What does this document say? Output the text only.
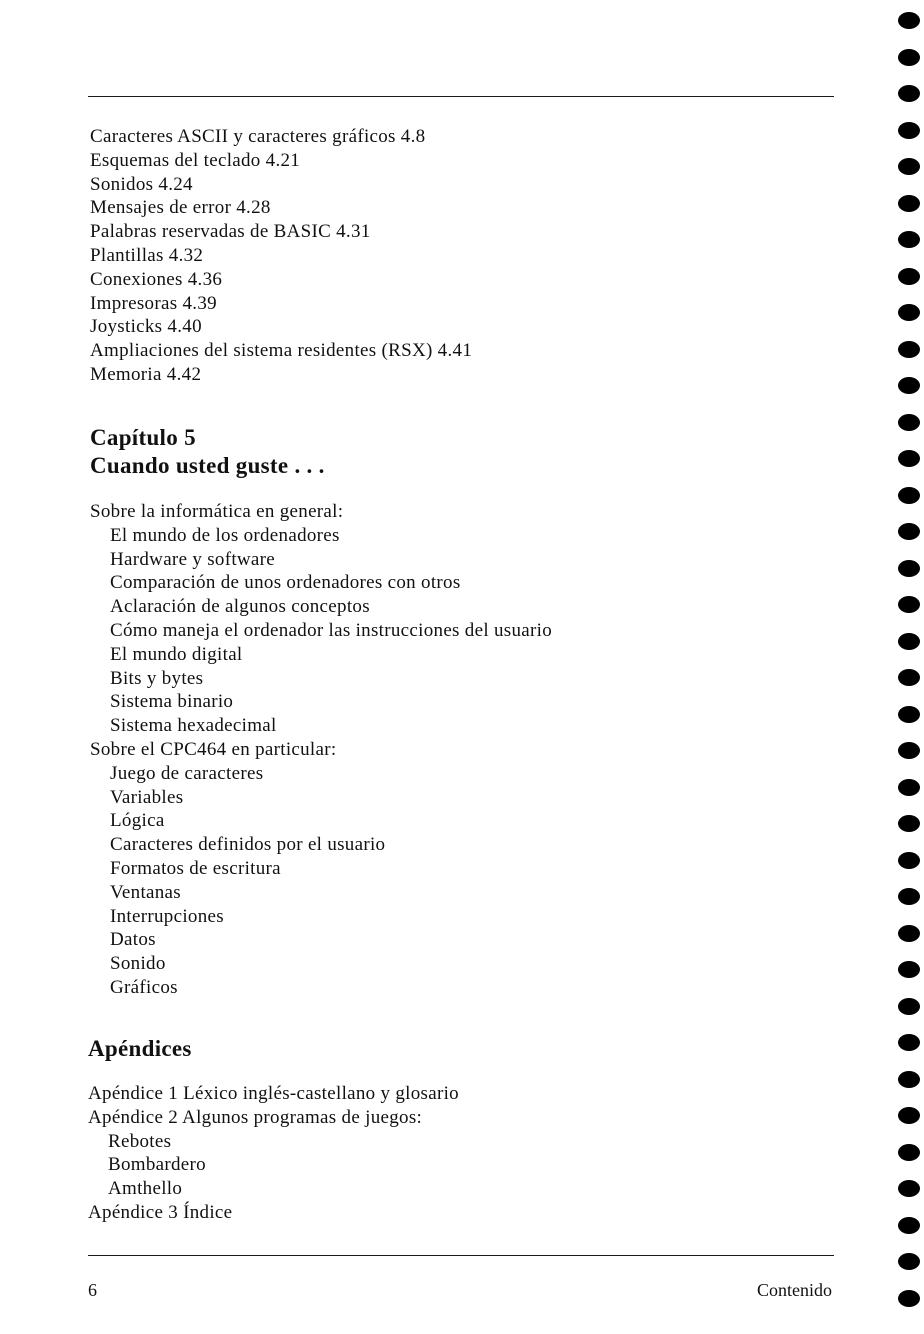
Caracteres ASCII y caracteres gráficos 4.8
Esquemas del teclado 4.21
Sonidos 4.24
Mensajes de error 4.28
Palabras reservadas de BASIC 4.31
Plantillas 4.32
Conexiones 4.36
Impresoras 4.39
Joysticks 4.40
Ampliaciones del sistema residentes (RSX) 4.41
Memoria 4.42
Capítulo 5
Cuando usted guste . . .
Sobre la informática en general:
El mundo de los ordenadores
Hardware y software
Comparación de unos ordenadores con otros
Aclaración de algunos conceptos
Cómo maneja el ordenador las instrucciones del usuario
El mundo digital
Bits y bytes
Sistema binario
Sistema hexadecimal
Sobre el CPC464 en particular:
Juego de caracteres
Variables
Lógica
Caracteres definidos por el usuario
Formatos de escritura
Ventanas
Interrupciones
Datos
Sonido
Gráficos
Apéndices
Apéndice 1 Léxico inglés-castellano y glosario
Apéndice 2 Algunos programas de juegos:
Rebotes
Bombardero
Amthello
Apéndice 3 Índice
6	Contenido
